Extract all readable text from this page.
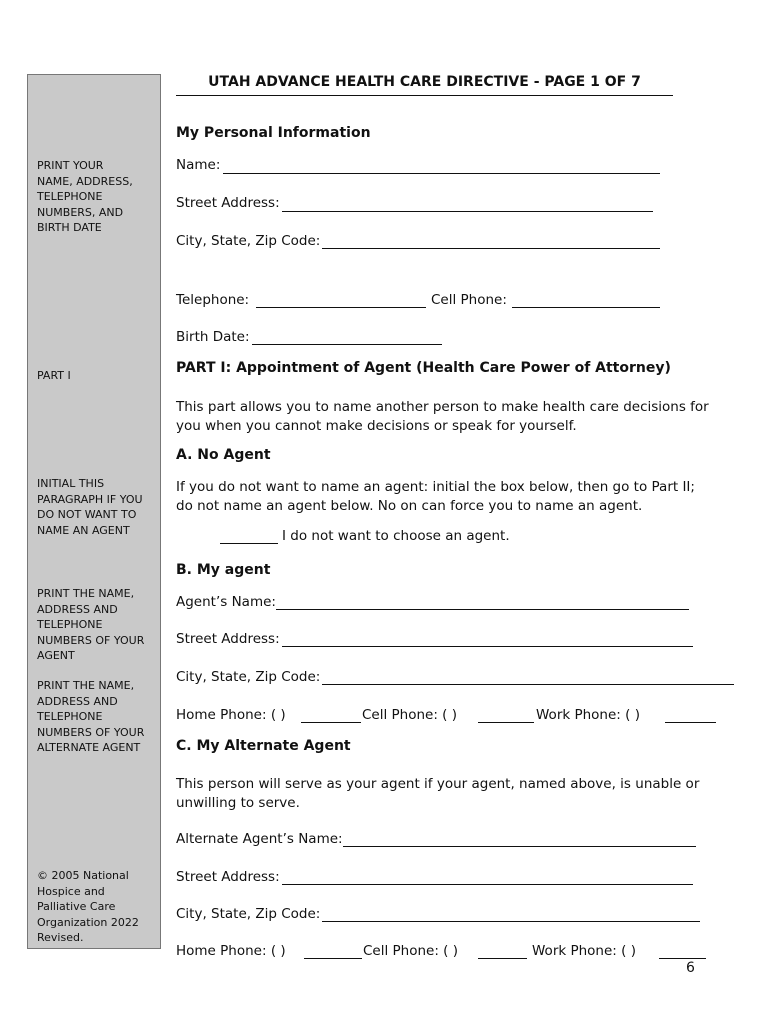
PRINT YOUR
NAME, ADDRESS,
TELEPHONE
NUMBERS, AND
BIRTH DATE
PART I
INITIAL THIS
PARAGRAPH IF YOU
DO NOT WANT TO
NAME AN AGENT
PRINT THE NAME,
ADDRESS AND
TELEPHONE
NUMBERS OF YOUR
AGENT
PRINT THE NAME,
ADDRESS AND
TELEPHONE
NUMBERS OF YOUR
ALTERNATE AGENT
© 2005 National
Hospice and
Palliative Care
Organization 2022
Revised.
UTAH ADVANCE HEALTH CARE DIRECTIVE - PAGE 1 OF 7
My Personal Information
Name:
Street Address:
City, State, Zip Code:
Telephone:	Cell Phone:
Birth Date:
PART I: Appointment of Agent (Health Care Power of Attorney)
This part allows you to name another person to make health care decisions for you when you cannot make decisions or speak for yourself.
A. No Agent
If you do not want to name an agent: initial the box below, then go to Part II; do not name an agent below. No on can force you to name an agent.
I do not want to choose an agent.
B. My agent
Agent’s Name:
Street Address:
City, State, Zip Code:
Home Phone: ( )	Cell Phone: ( )	Work Phone: ( )
C. My Alternate Agent
This person will serve as your agent if your agent, named above, is unable or unwilling to serve.
Alternate Agent’s Name:
Street Address:
City, State, Zip Code:
Home Phone: ( )	Cell Phone: ( )	Work Phone: ( )
6
